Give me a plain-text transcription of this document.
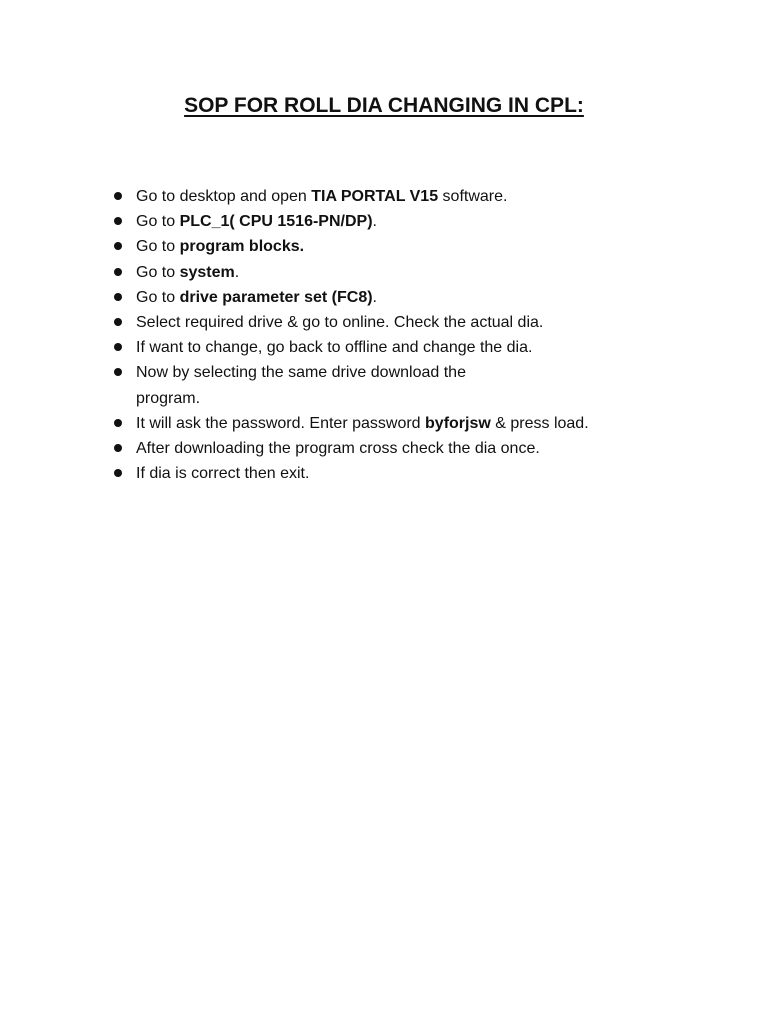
SOP FOR ROLL DIA CHANGING IN CPL:
Go to desktop and open TIA PORTAL V15 software.
Go to PLC_1( CPU 1516-PN/DP).
Go to program blocks.
Go to system.
Go to drive parameter set (FC8).
Select required drive & go to online. Check the actual dia.
If want to change, go back to offline and change the dia.
Now by selecting the same drive download the
program.
It will ask the password. Enter password byforjsw & press load.
After downloading the program cross check the dia once.
If dia is correct then exit.
